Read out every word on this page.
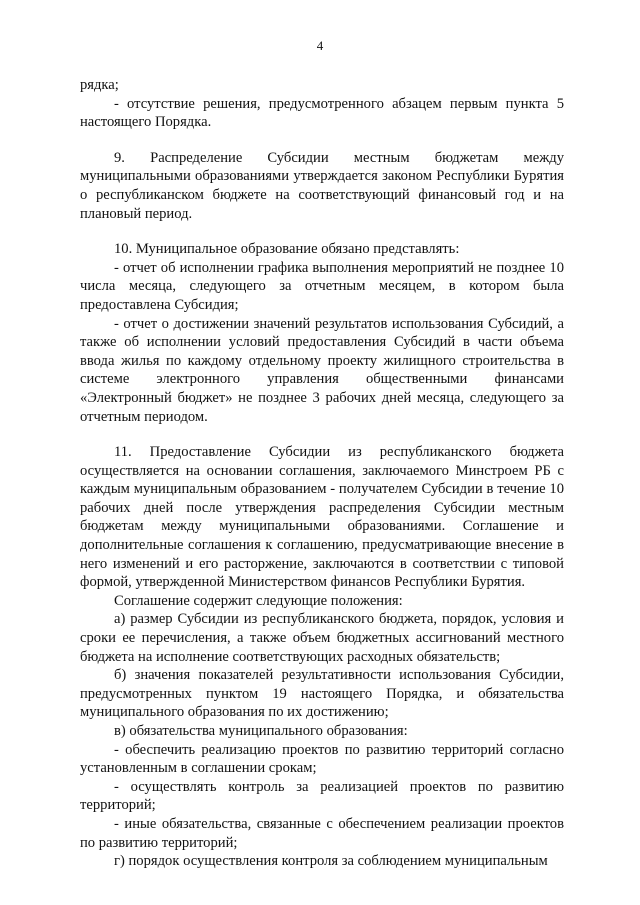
4

рядка;

- отсутствие решения, предусмотренного абзацем первым пункта 5 настоящего Порядка.

9. Распределение Субсидии местным бюджетам между муниципальными образованиями утверждается законом Республики Бурятия о республиканском бюджете на соответствующий финансовый год и на плановый период.

10. Муниципальное образование обязано представлять:

- отчет об исполнении графика выполнения мероприятий не позднее 10 числа месяца, следующего за отчетным месяцем, в котором была предоставлена Субсидия;

- отчет о достижении значений результатов использования Субсидий, а также об исполнении условий предоставления Субсидий в части объема ввода жилья по каждому отдельному проекту жилищного строительства в системе электронного управления общественными финансами «Электронный бюджет» не позднее 3 рабочих дней месяца, следующего за отчетным периодом.

11. Предоставление Субсидии из республиканского бюджета осуществляется на основании соглашения, заключаемого Минстроем РБ с каждым муниципальным образованием - получателем Субсидии в течение 10 рабочих дней после утверждения распределения Субсидии местным бюджетам между муниципальными образованиями. Соглашение и дополнительные соглашения к соглашению, предусматривающие внесение в него изменений и его расторжение, заключаются в соответствии с типовой формой, утвержденной Министерством финансов Республики Бурятия.

Соглашение содержит следующие положения:

а) размер Субсидии из республиканского бюджета, порядок, условия и сроки ее перечисления, а также объем бюджетных ассигнований местного бюджета на исполнение соответствующих расходных обязательств;

б) значения показателей результативности использования Субсидии, предусмотренных пунктом 19 настоящего Порядка, и обязательства муниципального образования по их достижению;

в) обязательства муниципального образования:

- обеспечить реализацию проектов по развитию территорий согласно установленным в соглашении срокам;

- осуществлять контроль за реализацией проектов по развитию территорий;

- иные обязательства, связанные с обеспечением реализации проектов по развитию территорий;

г) порядок осуществления контроля за соблюдением муниципальным
